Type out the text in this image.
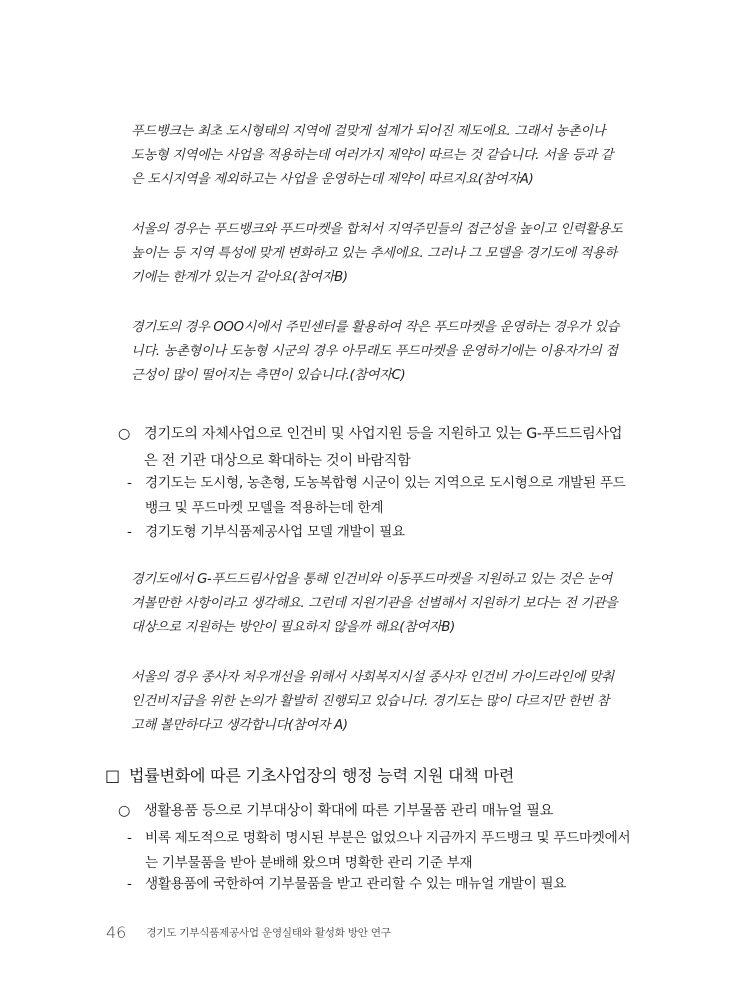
푸드뱅크는 최초 도시형태의 지역에 걸맞게 설계가 되어진 제도에요. 그래서 농촌이나
도농형 지역에는 사업을 적용하는데 여러가지 제약이 따르는 것 같습니다. 서울 등과 같
은 도시지역을 제외하고는 사업을 운영하는데 제약이 따르지요(참여자A)
서울의 경우는 푸드뱅크와 푸드마켓을 합쳐서 지역주민들의 접근성을 높이고 인력활용도
높이는 등 지역 특성에 맞게 변화하고 있는 추세에요. 그러나 그 모델을 경기도에 적용하
기에는 한계가 있는거 같아요(참여자B)
경기도의 경우 OOO시에서 주민센터를 활용하여 작은 푸드마켓을 운영하는 경우가 있습
니다. 농촌형이나 도농형 시군의 경우 아무래도 푸드마켓을 운영하기에는 이용자가의 접
근성이 많이 떨어지는 측면이 있습니다.(참여자C)
○ 경기도의 자체사업으로 인건비 및 사업지원 등을 지원하고 있는 G-푸드드림사업
은 전 기관 대상으로 확대하는 것이 바람직함
- 경기도는 도시형, 농촌형, 도농복합형 시군이 있는 지역으로 도시형으로 개발된 푸드
뱅크 및 푸드마켓 모델을 적용하는데 한계
- 경기도형 기부식품제공사업 모델 개발이 필요
경기도에서 G-푸드드림사업을 통해 인건비와 이동푸드마켓을 지원하고 있는 것은 눈여
겨볼만한 사항이라고 생각해요. 그런데 지원기관을 선별해서 지원하기 보다는 전 기관을
대상으로 지원하는 방안이 필요하지 않을까 해요(참여자B)
서울의 경우 종사자 처우개선을 위해서 사회복지시설 종사자 인건비 가이드라인에 맞춰
인건비지급을 위한 논의가 활발히 진행되고 있습니다. 경기도는 많이 다르지만 한번 참
고해 볼만하다고 생각합니다(참여자 A)
□ 법률변화에 따른 기초사업장의 행정 능력 지원 대책 마련
○ 생활용품 등으로 기부대상이 확대에 따른 기부물품 관리 매뉴얼 필요
- 비록 제도적으로 명확히 명시된 부분은 없었으나 지금까지 푸드뱅크 및 푸드마켓에서
는 기부물품을 받아 분배해 왔으며 명확한 관리 기준 부재
- 생활용품에 국한하여 기부물품을 받고 관리할 수 있는 매뉴얼 개발이 필요
46 경기도 기부식품제공사업 운영실태와 활성화 방안 연구
